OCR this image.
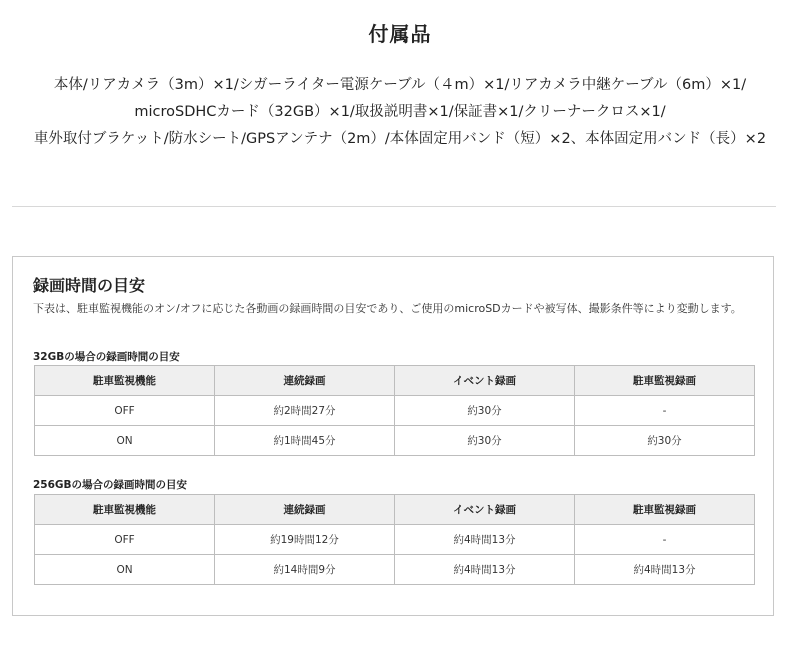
付属品
本体/リアカメラ（3m）×1/シガーライター電源ケーブル（４m）×1/リアカメラ中継ケーブル（6m）×1/
microSDHCカード（32GB）×1/取扱説明書×1/保証書×1/クリーナークロス×1/
車外取付ブラケット/防水シート/GPSアンテナ（2m）/本体固定用バンド（短）×2、本体固定用バンド（長）×2
録画時間の目安
下表は、駐車監視機能のオン/オフに応じた各動画の録画時間の目安であり、ご使用のmicroSDカードや被写体、撮影条件等により変動します。
32GBの場合の録画時間の目安
駐車監視機能	連続録画	イベント録画	駐車監視録画
OFF	約2時間27分	約30分	-
ON	約1時間45分	約30分	約30分
256GBの場合の録画時間の目安
駐車監視機能	連続録画	イベント録画	駐車監視録画
OFF	約19時間12分	約4時間13分	-
ON	約14時間9分	約4時間13分	約4時間13分
